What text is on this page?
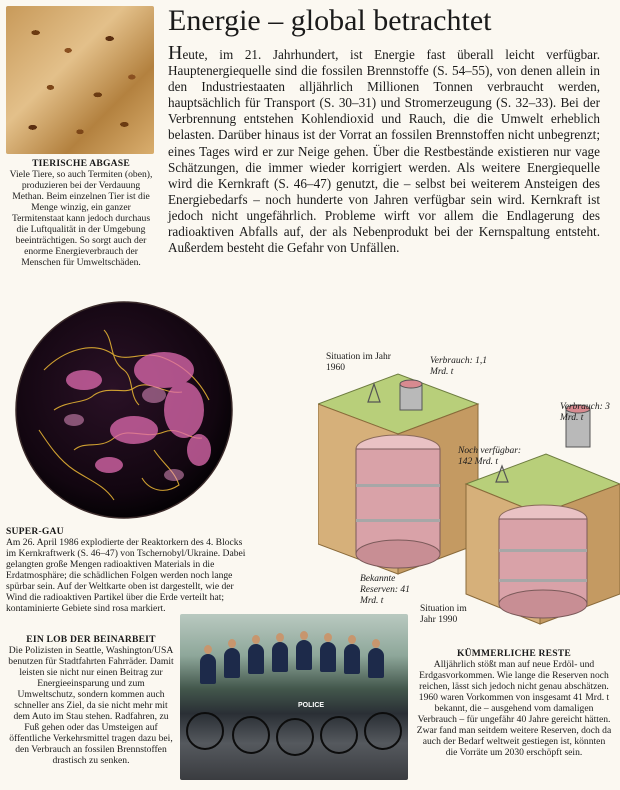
TIERISCHE ABGASE
Viele Tiere, so auch Termiten (oben), produzieren bei der Verdauung Methan. Beim einzelnen Tier ist die Menge winzig, ein ganzer Termitenstaat kann jedoch durchaus die Luftqualität in der Umgebung beeinträchtigen. So sorgt auch der enorme Energieverbrauch der Menschen für Umweltschäden.
Energie – global betrachtet
Heute, im 21. Jahrhundert, ist Energie fast überall leicht verfügbar. Hauptenergiequelle sind die fossilen Brennstoffe (S. 54–55), von denen allein in den Industriestaaten alljährlich Millionen Tonnen verbraucht werden, hauptsächlich für Transport (S. 30–31) und Stromerzeugung (S. 32–33). Bei der Verbrennung entstehen Kohlendioxid und Rauch, die die Umwelt erheblich belasten. Darüber hinaus ist der Vorrat an fossilen Brennstoffen nicht unbegrenzt; eines Tages wird er zur Neige gehen. Über die Restbestände existieren nur vage Schätzungen, die immer wieder korrigiert werden. Als weitere Energiequelle wird die Kernkraft (S. 46–47) genutzt, die – selbst bei weiterem Ansteigen des Energiebedarfs – noch hunderte von Jahren verfügbar sein wird. Kernkraft ist jedoch nicht ungefährlich. Probleme wirft vor allem die Endlagerung des radioaktiven Abfalls auf, der als Nebenprodukt bei der Kernspaltung entsteht. Außerdem besteht die Gefahr von Unfällen.
SUPER-GAU
Am 26. April 1986 explodierte der Reaktorkern des 4. Blocks im Kernkraftwerk (S. 46–47) von Tschernobyl/Ukraine. Dabei gelangten große Mengen radioaktiven Materials in die Erdatmosphäre; die schädlichen Folgen werden noch lange spürbar sein. Auf der Weltkarte oben ist dargestellt, wie der Wind die radioaktiven Partikel über die Erde verteilt hat; kontaminierte Gebiete sind rosa markiert.
Situation im Jahr 1960
Verbrauch: 1,1 Mrd. t
Verbrauch: 3 Mrd. t
Noch verfügbar: 142 Mrd. t
Bekannte Reserven: 41 Mrd. t
Situation im Jahr 1990
POLICE
EIN LOB DER BEINARBEIT
Die Polizisten in Seattle, Washington/USA benutzen für Stadtfahrten Fahrräder. Damit leisten sie nicht nur einen Beitrag zur Energieeinsparung und zum Umweltschutz, sondern kommen auch schneller ans Ziel, da sie nicht mehr mit dem Auto im Stau stehen. Radfahren, zu Fuß gehen oder das Umsteigen auf öffentliche Verkehrsmittel tragen dazu bei, den Verbrauch an fossilen Brennstoffen drastisch zu senken.
KÜMMERLICHE RESTE
Alljährlich stößt man auf neue Erdöl- und Erdgasvorkommen. Wie lange die Reserven noch reichen, lässt sich jedoch nicht genau abschätzen. 1960 waren Vorkommen von insgesamt 41 Mrd. t bekannt, die – ausgehend vom damaligen Verbrauch – für ungefähr 40 Jahre gereicht hätten. Zwar fand man seitdem weitere Reserven, doch da auch der Bedarf weltweit gestiegen ist, könnten die Vorräte um 2030 erschöpft sein.
